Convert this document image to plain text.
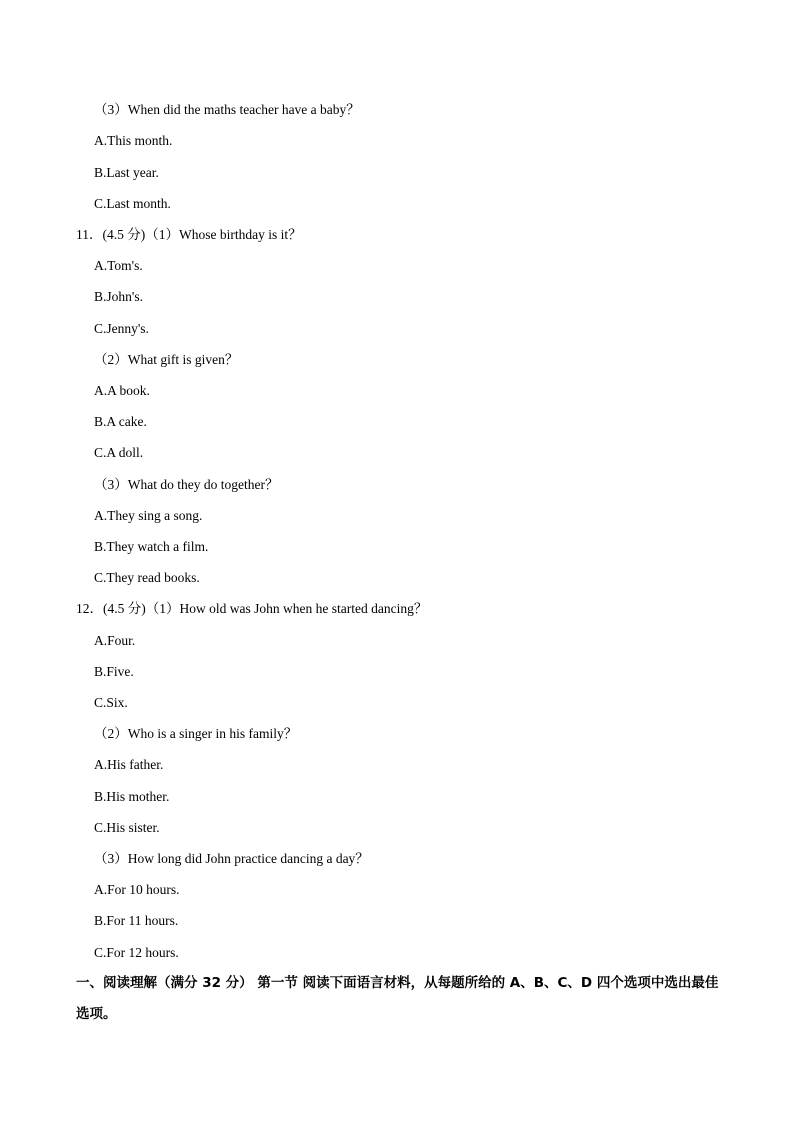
（3）When did the maths teacher have a baby？
A.This month.
B.Last year.
C.Last month.
11．(4.5 分)（1）Whose birthday is it？
A.Tom's.
B.John's.
C.Jenny's.
（2）What gift is given？
A.A book.
B.A cake.
C.A doll.
（3）What do they do together？
A.They sing a song.
B.They watch a film.
C.They read books.
12．(4.5 分)（1）How old was John when he started dancing？
A.Four.
B.Five.
C.Six.
（2）Who is a singer in his family？
A.His father.
B.His mother.
C.His sister.
（3）How long did John practice dancing a day？
A.For 10 hours.
B.For 11 hours.
C.For 12 hours.
一、阅读理解（满分 32 分） 第一节 阅读下面语言材料，从每题所给的 A、B、C、D 四个选项中选出最佳选项。
